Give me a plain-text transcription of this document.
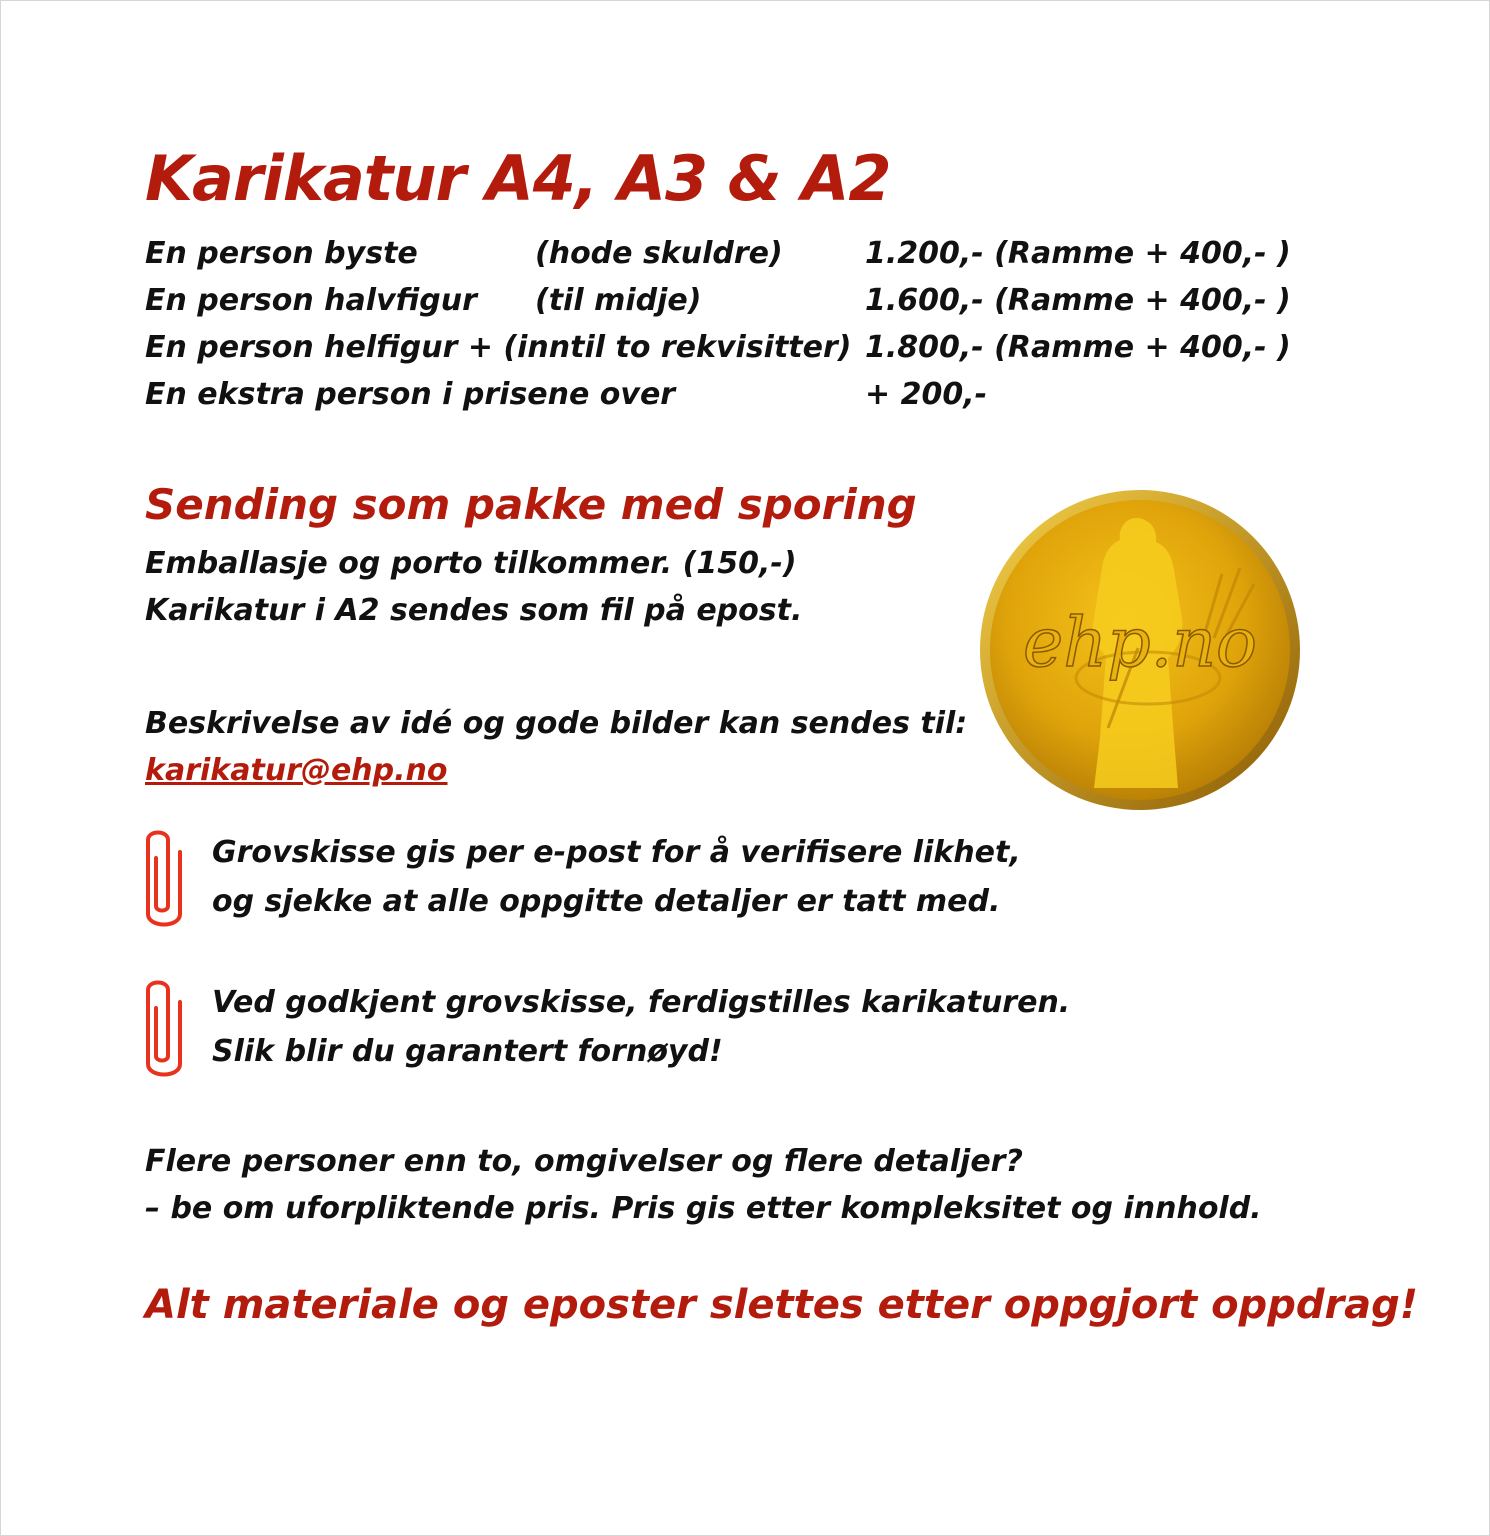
Karikatur A4, A3 & A2
En person byste	(hode skuldre)	1.200,- (Ramme + 400,- )
En person halvfigur (til midje)	1.600,- (Ramme + 400,- )
En person helfigur + (inntil to rekvisitter) 1.800,- (Ramme + 400,- )
En ekstra person i prisene over	+ 200,-
Sending som pakke med sporing
Emballasje og porto tilkommer. (150,-)
Karikatur i A2 sendes som fil på epost.
Beskrivelse av idé og gode bilder kan sendes til:
karikatur@ehp.no
ehp.no
Grovskisse gis per e-post for å verifisere likhet,
og sjekke at alle oppgitte detaljer er tatt med.
Ved godkjent grovskisse, ferdigstilles karikaturen.
Slik blir du garantert fornøyd!
Flere personer enn to, omgivelser og flere detaljer?
– be om uforpliktende pris. Pris gis etter kompleksitet og innhold.
Alt materiale og eposter slettes etter oppgjort oppdrag!
